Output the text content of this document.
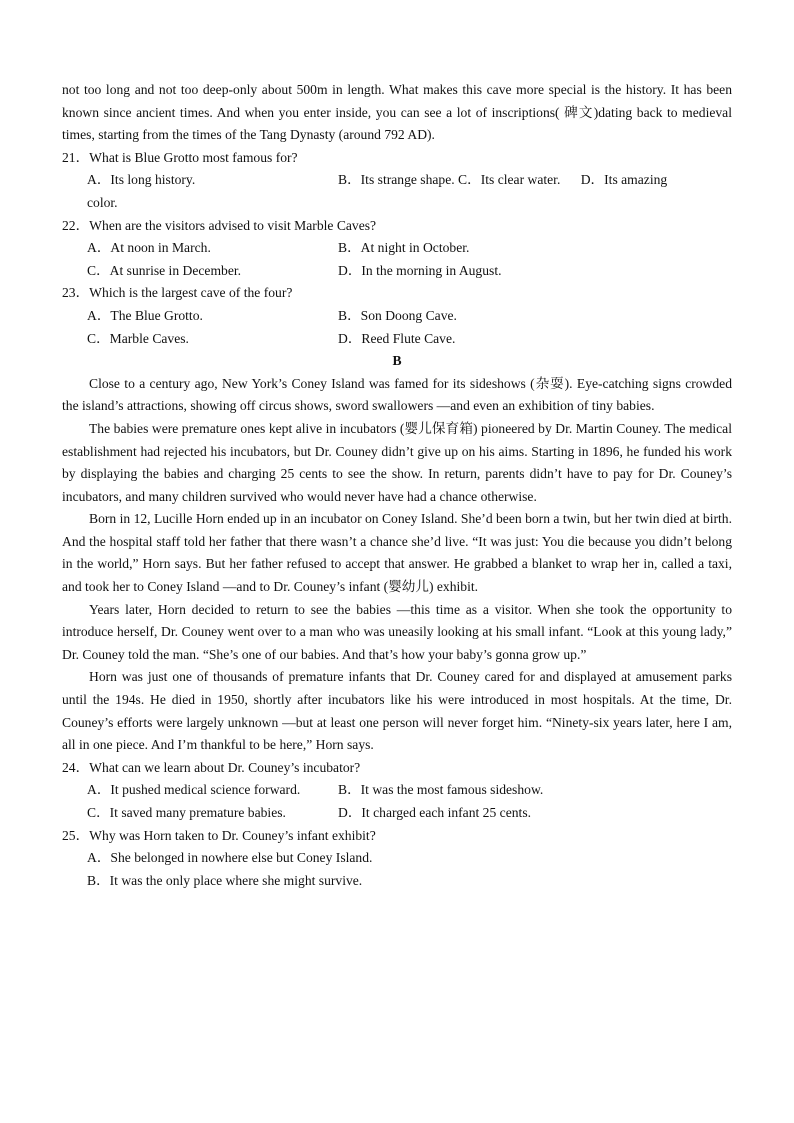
not too long and not too deep-only about 500m in length. What makes this cave more special is the history. It has been known since ancient times. And when you enter inside, you can see a lot of inscriptions( 碑文)dating back to medieval times, starting from the times of the Tang Dynasty (around 792 AD).

21．What is Blue Grotto most famous for?

A．Its long history.	B．Its strange shape. C．Its clear water.      D．Its amazing
color.

22．When are the visitors advised to visit Marble Caves?

A．At noon in March.	B．At night in October.
C．At sunrise in December.	D．In the morning in August.

23．Which is the largest cave of the four?

A．The Blue Grotto.	B．Son Doong Cave.
C．Marble Caves.	D．Reed Flute Cave.

B

Close to a century ago, New York’s Coney Island was famed for its sideshows (杂耍). Eye-catching signs crowded the island’s attractions, showing off circus shows, sword swallowers —and even an exhibition of tiny babies.

The babies were premature ones kept alive in incubators (婴儿保育箱) pioneered by Dr. Martin Couney. The medical establishment had rejected his incubators, but Dr. Couney didn’t give up on his aims. Starting in 1896, he funded his work by displaying the babies and charging 25 cents to see the show. In return, parents didn’t have to pay for Dr. Couney’s incubators, and many children survived who would never have had a chance otherwise.

Born in 12, Lucille Horn ended up in an incubator on Coney Island. She’d been born a twin, but her twin died at birth. And the hospital staff told her father that there wasn’t a chance she’d live. “It was just: You die because you didn’t belong in the world,” Horn says. But her father refused to accept that answer. He grabbed a blanket to wrap her in, called a taxi, and took her to Coney Island —and to Dr. Couney’s infant (婴幼儿) exhibit.

Years later, Horn decided to return to see the babies —this time as a visitor. When she took the opportunity to introduce herself, Dr. Couney went over to a man who was uneasily looking at his small infant. “Look at this young lady,” Dr. Couney told the man. “She’s one of our babies. And that’s how your baby’s gonna grow up.”

Horn was just one of thousands of premature infants that Dr. Couney cared for and displayed at amusement parks until the 194s. He died in 1950, shortly after incubators like his were introduced in most hospitals. At the time, Dr. Couney’s efforts were largely unknown —but at least one person will never forget him. “Ninety-six years later, here I am, all in one piece. And I’m thankful to be here,” Horn says.

24．What can we learn about Dr. Couney’s incubator?

A．It pushed medical science forward.	B．It was the most famous sideshow.
C．It saved many premature babies.	D．It charged each infant 25 cents.

25．Why was Horn taken to Dr. Couney’s infant exhibit?

A．She belonged in nowhere else but Coney Island.
B．It was the only place where she might survive.
